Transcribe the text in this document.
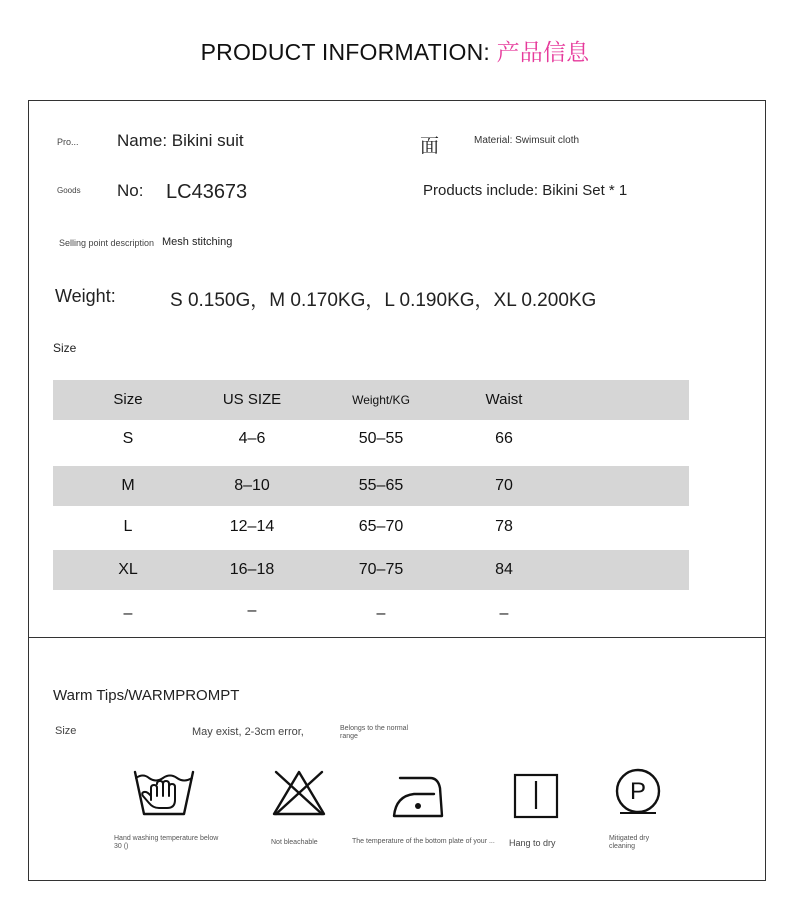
PRODUCT INFORMATION: 产品信息
Pro... Name: Bikini suit	面	Material: Swimsuit cloth
Goods No: LC43673	Products include: Bikini Set * 1
Selling point description Mesh stitching
Weight:	S 0.150G，M 0.170KG，L 0.190KG，XL 0.200KG
Size
Size	US SIZE	Weight/KG	Waist
S	4–6	50–55	66
M	8–10	55–65	70
L	12–14	65–70	78
XL	16–18	70–75	84
–	–	–	–
Warm Tips/WARMPROMPT
Size	May exist, 2-3cm error,	Belongs to the normal range
P
Hand washing temperature below 30 ()
Not bleachable	The temperature of the bottom plate of your ... Hang to dry	Mitigated dry cleaning
